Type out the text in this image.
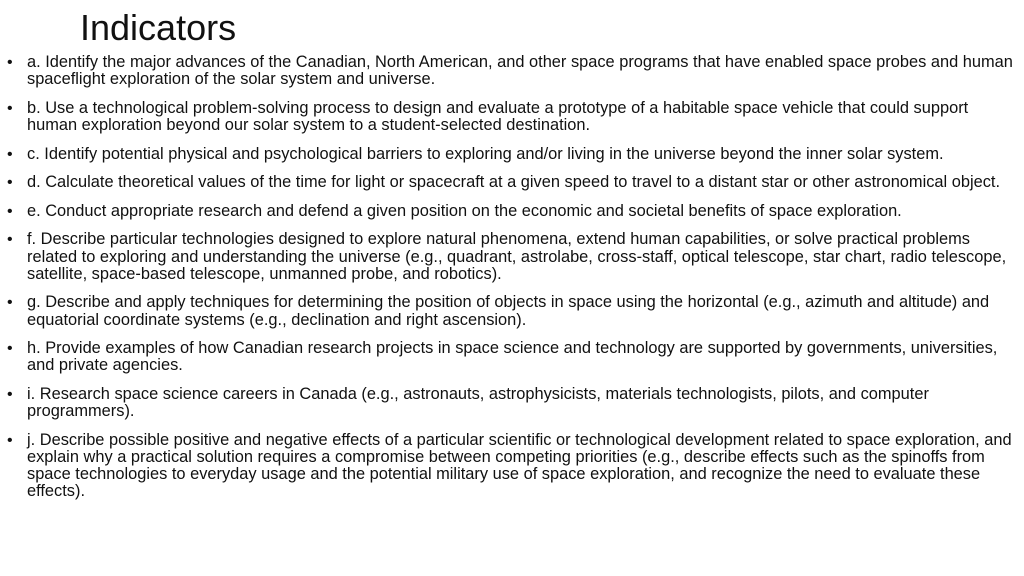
Indicators
• a. Identify the major advances of the Canadian, North American, and other space programs that have enabled space probes and human spaceflight exploration of the solar system and universe.
• b. Use a technological problem-solving process to design and evaluate a prototype of a habitable space vehicle that could support human exploration beyond our solar system to a student-selected destination.
• c. Identify potential physical and psychological barriers to exploring and/or living in the universe beyond the inner solar system.
• d. Calculate theoretical values of the time for light or spacecraft at a given speed to travel to a distant star or other astronomical object.
• e. Conduct appropriate research and defend a given position on the economic and societal benefits of space exploration.
• f. Describe particular technologies designed to explore natural phenomena, extend human capabilities, or solve practical problems related to exploring and understanding the universe (e.g., quadrant, astrolabe, cross-staff, optical telescope, star chart, radio telescope, satellite, space-based telescope, unmanned probe, and robotics).
• g. Describe and apply techniques for determining the position of objects in space using the horizontal (e.g., azimuth and altitude) and equatorial coordinate systems (e.g., declination and right ascension).
• h. Provide examples of how Canadian research projects in space science and technology are supported by governments, universities, and private agencies.
• i. Research space science careers in Canada (e.g., astronauts, astrophysicists, materials technologists, pilots, and computer programmers).
• j. Describe possible positive and negative effects of a particular scientific or technological development related to space exploration, and explain why a practical solution requires a compromise between competing priorities (e.g., describe effects such as the spinoffs from space technologies to everyday usage and the potential military use of space exploration, and recognize the need to evaluate these effects).
